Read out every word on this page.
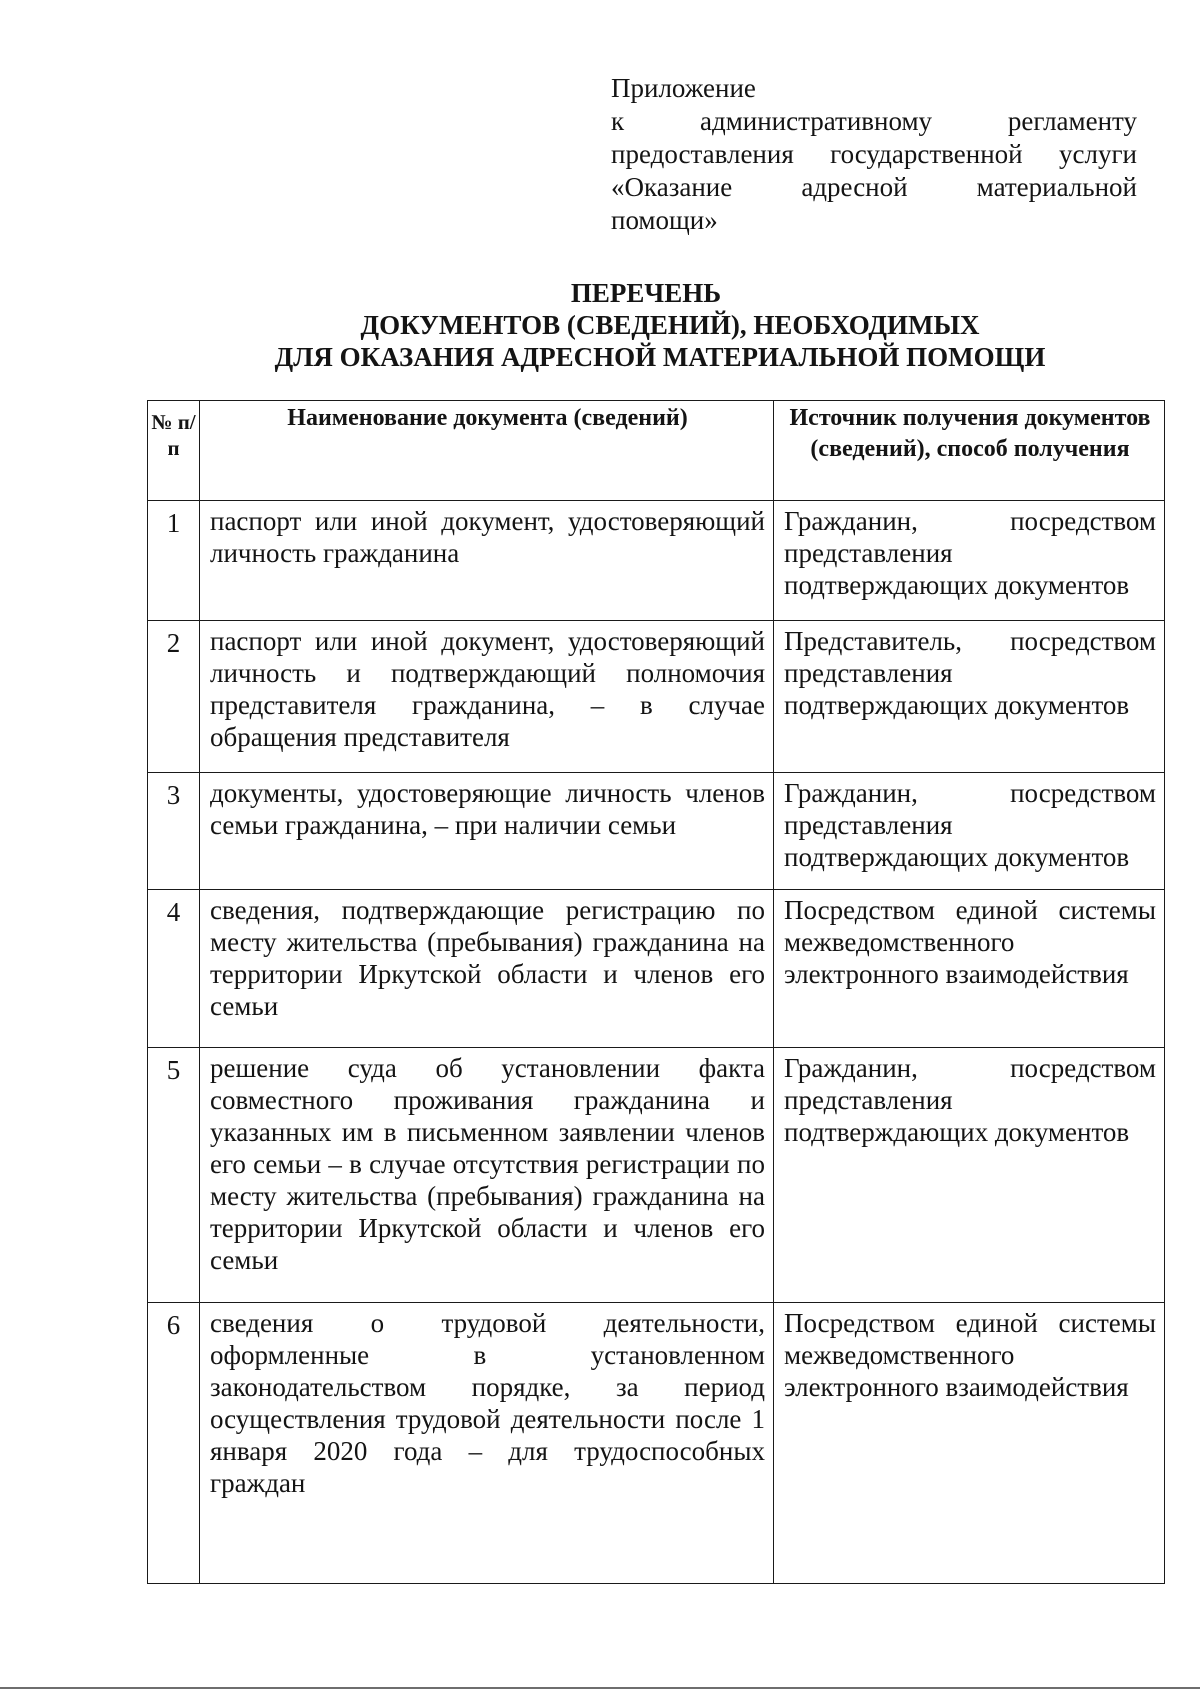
Приложение
к административному регламенту
предоставления государственной услуги
«Оказание адресной материальной
помощи»
ПЕРЕЧЕНЬ
ДОКУМЕНТОВ (СВЕДЕНИЙ), НЕОБХОДИМЫХ
ДЛЯ ОКАЗАНИЯ АДРЕСНОЙ МАТЕРИАЛЬНОЙ ПОМОЩИ
№ п/п	Наименование документа (сведений)	Источник получения документов (сведений), способ получения
1	паспорт или иной документ, удостоверяющий личность гражданина	Гражданин, посредством представления подтверждающих документов
2	паспорт или иной документ, удостоверяющий личность и подтверждающий полномочия представителя гражданина, – в случае обращения представителя	Представитель, посредством представления подтверждающих документов
3	документы, удостоверяющие личность членов семьи гражданина, – при наличии семьи	Гражданин, посредством представления подтверждающих документов
4	сведения, подтверждающие регистрацию по месту жительства (пребывания) гражданина на территории Иркутской области и членов его семьи	Посредством единой системы межведомственного электронного взаимодействия
5	решение суда об установлении факта совместного проживания гражданина и указанных им в письменном заявлении членов его семьи – в случае отсутствия регистрации по месту жительства (пребывания) гражданина на территории Иркутской области и членов его семьи	Гражданин, посредством представления подтверждающих документов
6	сведения о трудовой деятельности, оформленные в установленном законодательством порядке, за период осуществления трудовой деятельности после 1 января 2020 года – для трудоспособных граждан	Посредством единой системы межведомственного электронного взаимодействия
